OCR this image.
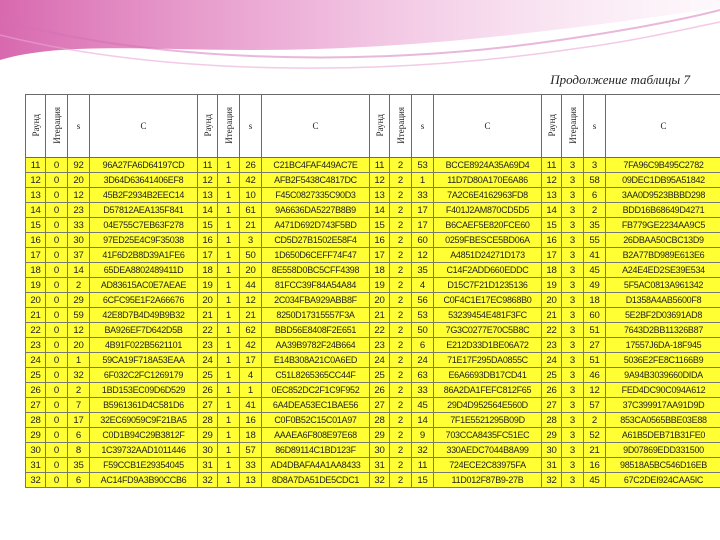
Продолжение таблицы 7
Раунд	Итерация	s	C	Раунд	Итерация	s	C	Раунд	Итерация	s	C	Раунд	Итерация	s	C
11	0	92	96A27FA6D64197CD	11	1	26	C21BC4FAF449AC7E	11	2	53	BCCE8924A35A69D4	11	3	3	7FA96C9B495C2782
12	0	20	3D64D63641406EF8	12	1	42	AFB2F5438C4817DC	12	2	1	11D7D80A170E6A86	12	3	58	09DEC1DB95A51842
13	0	12	45B2F2934B2EEC14	13	1	10	F45C0827335C90D3	13	2	33	7A2C6E4162963FD8	13	3	6	3AA0D9523BBBD298
14	0	23	D57812AEA135F841	14	1	61	9A6636DA5227B8B9	14	2	17	F401J2AM870CD5D5	14	3	2	BDD16B68649D4271
15	0	33	04E755C7EB63F278	15	1	21	A471D692D743F5BD	15	2	17	B6CAEF5E820FCE60	15	3	35	FB779GE2234AA9C5
16	0	30	97ED25E4C9F35038	16	1	3	CD5D27B1502E58F4	16	2	60	0259FBESCE5BD06A	16	3	55	26DBAA50CBC13D9
17	0	37	41F6D2B8D39A1FE6	17	1	50	1D650D6CEFF74F47	17	2	12	A4851D24271D173	17	3	41	B2A77BD989E613E6
18	0	14	65DEA8802489411D	18	1	20	8E558D0BC5CFF4398	18	2	35	C14F2ADD660EDDC	18	3	45	A24E4ED2SE39E534
19	0	2	AD83615AC0E7AEAE	19	1	44	81FCC39F84A54A84	19	2	4	D15C7F21D1235136	19	3	49	5F5AC0813A961342
20	0	29	6CFC95E1F2A66676	20	1	12	2C034FBA929ABB8F	20	2	56	C0F4C1E17EC9868B0	20	3	18	D1358A4AB5600F8
21	0	59	42E8D7B4D49B9B32	21	1	21	8250D17315557F3A	21	2	53	53239454E481F3FC	21	3	60	5E2BF2D03691AD8
22	0	12	BA926EF7D642D5B	22	1	62	BBD56E8408F2E651	22	2	50	7G3C0277E70C5B8C	22	3	51	7643D2BB11326B87
23	0	20	4B91F022B5621101	23	1	42	AA39B9782F24B664	23	2	6	E212D33D1BE06A72	23	3	27	17557J6DA-18F945
24	0	1	59CA19F718A53EAA	24	1	17	E14B308A21C0A6ED	24	2	24	71E17F295DA0855C	24	3	51	5036E2FE8C1166B9
25	0	32	6F032C2FC1269179	25	1	4	C51L8265365CC44F	25	2	63	E6A6693DB17CD41	25	3	46	9A94B3039660DIDA
26	0	2	1BD153EC09D6D529	26	1	1	0EC852DC2F1C9F952	26	2	33	86A2DA1FEFC812F65	26	3	12	FED4DC90C094A612
27	0	7	B5961361D4C581D6	27	1	41	6A4DEA53EC1BAE56	27	2	45	29D4D952564E560D	27	3	57	37C399917AA91D9D
28	0	17	32EC69059C9F21BA5	28	1	16	C0F0B52C15C01A97	28	2	14	7F1E5521295B09D	28	3	2	853CA0565BBE03E88
29	0	6	C0D1B94C29B3812F	29	1	18	AAAEA6F808E97E68	29	2	9	703CCA8435FC51EC	29	3	52	A61B5DEB71B31FE0
30	0	8	1C39732AAD1011446	30	1	57	86D89114C1BD123F	30	2	32	330AEDC7044B8A99	30	3	21	9D07869EDD331500
31	0	35	F59CCB1E29354045	31	1	33	AD4DBAFA4A1AA8433	31	2	11	724ECE2C83975FA	31	3	16	98518A5BC546D16EB
32	0	6	AC14FD9A3B90CCB6	32	1	13	8D8A7DA51DE5CDC1	32	2	15	11D012F87B9-27B	32	3	45	67C2DEI924CAA5IC
